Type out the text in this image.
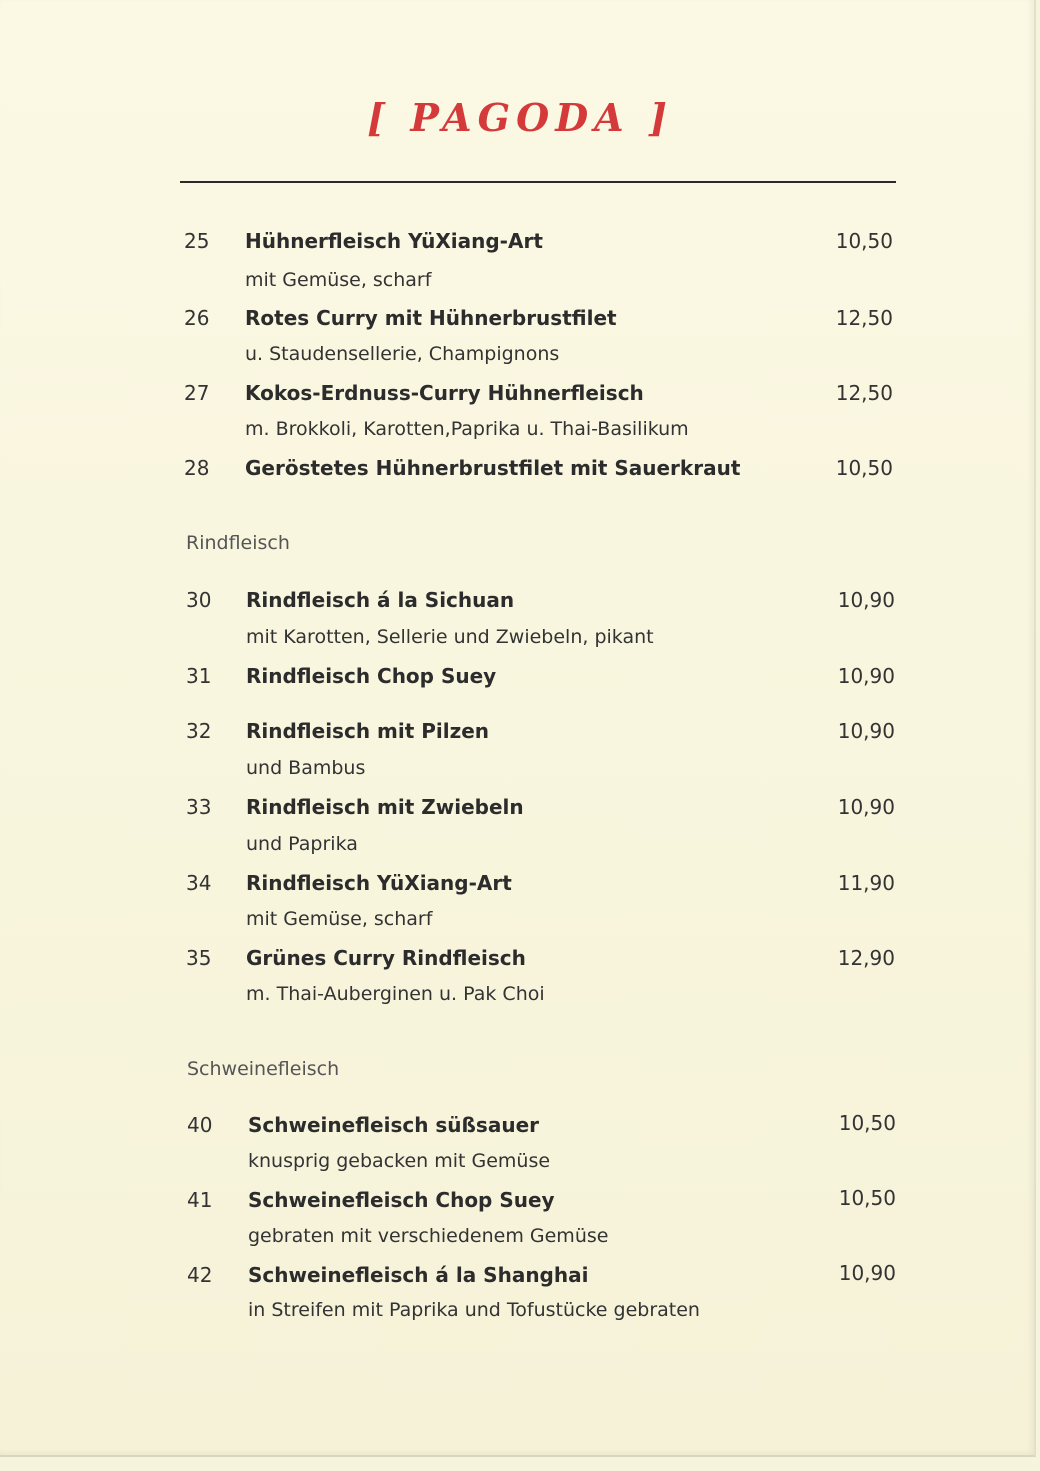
[ PAGODA ]
25 Hühnerfleisch YüXiang-Art	10,50
mit Gemüse, scharf
26 Rotes Curry mit Hühnerbrustfilet	12,50
u. Staudensellerie, Champignons
27 Kokos-Erdnuss-Curry Hühnerfleisch	12,50
m. Brokkoli, Karotten,Paprika u. Thai-Basilikum
28 Geröstetes Hühnerbrustfilet mit Sauerkraut	10,50
Rindfleisch
30 Rindfleisch á la Sichuan	10,90
mit Karotten, Sellerie und Zwiebeln, pikant
31 Rindfleisch Chop Suey	10,90
32 Rindfleisch mit Pilzen	10,90
und Bambus
33 Rindfleisch mit Zwiebeln	10,90
und Paprika
34 Rindfleisch YüXiang-Art	11,90
mit Gemüse, scharf
35 Grünes Curry Rindfleisch	12,90
m. Thai-Auberginen u. Pak Choi
Schweinefleisch
40 Schweinefleisch süßsauer	10,50
knusprig gebacken mit Gemüse
41 Schweinefleisch Chop Suey	10,50
gebraten mit verschiedenem Gemüse
42 Schweinefleisch á la Shanghai	10,90
in Streifen mit Paprika und Tofustücke gebraten
